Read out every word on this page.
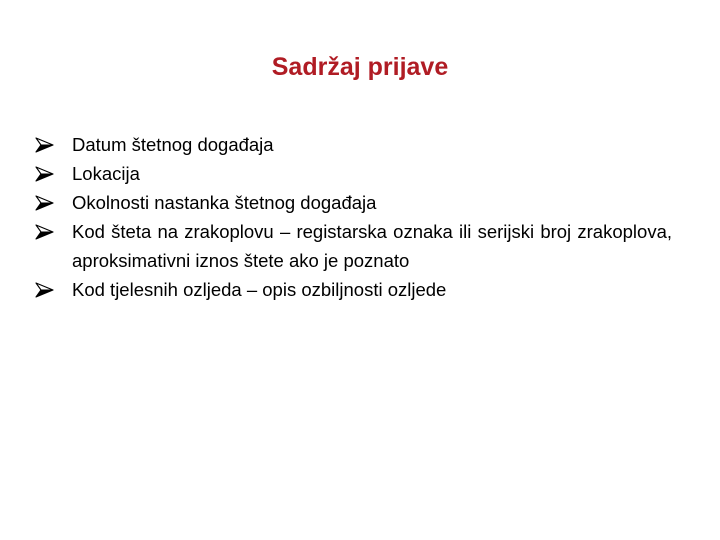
Sadržaj prijave
Datum štetnog događaja
Lokacija
Okolnosti nastanka štetnog događaja
Kod šteta na zrakoplovu – registarska oznaka ili serijski broj zrakoplova, aproksimativni iznos štete ako je poznato
Kod tjelesnih ozljeda – opis ozbiljnosti ozljede
